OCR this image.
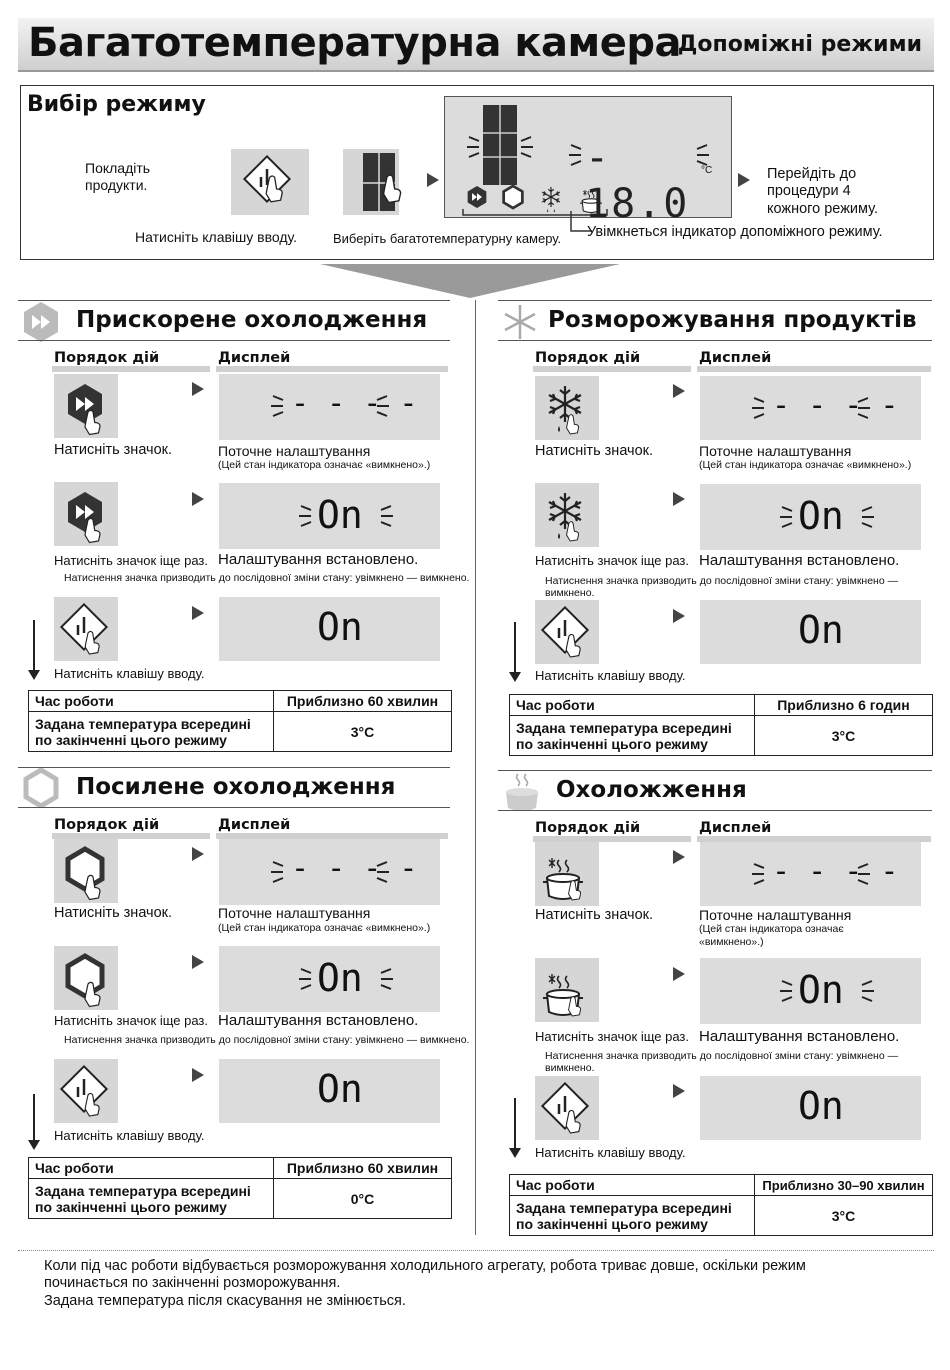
Багатотемпературна камера
Допоміжні режими
Вибір режиму
Покладіть
продукти.
Натисніть клавішу вводу.	Виберіть багатотемпературну камеру.
- 18.0
°C	Перейдіть до
процедури 4
кожного режиму.
Увімкнеться індикатор допоміжного режиму.
Прискорене охолодження
Порядок дій	Дисплей
- - - -
Натисніть значок.	Поточне налаштування
(Цей стан індикатора означає «вимкнено».)
On
Натисніть значок іще раз. Налаштування встановлено.
Натиснення значка призводить до послідовної зміни стану: увімкнено — вимкнено.
On
Натисніть клавішу вводу.
Час роботи	Приблизно 60 хвилин
Задана температура всередині
по закінченні цього режиму	3°C
Розморожування продуктів
Порядок дій	Дисплей
- - - -
Натисніть значок.	Поточне налаштування
(Цей стан індикатора означає «вимкнено».)
On
Натисніть значок іще раз. Налаштування встановлено.
Натиснення значка призводить до послідовної зміни стану: увімкнено — вимкнено.
On
Натисніть клавішу вводу.
Час роботи	Приблизно 6 годин
Задана температура всередині
по закінченні цього режиму	3°C
Посилене охолодження
Порядок дій	Дисплей
- - - -
Натисніть значок.	Поточне налаштування
(Цей стан індикатора означає «вимкнено».)
On
Натисніть значок іще раз. Налаштування встановлено.
Натиснення значка призводить до послідовної зміни стану: увімкнено — вимкнено.
On
Натисніть клавішу вводу.
Час роботи	Приблизно 60 хвилин
Задана температура всередині
по закінченні цього режиму	0°C
Охоложження
Порядок дій	Дисплей
- - - -
Натисніть значок.	Поточне налаштування
(Цей стан індикатора означає
«вимкнено».)
On
Натисніть значок іще раз. Налаштування встановлено.
Натиснення значка призводить до послідовної зміни стану: увімкнено — вимкнено.
On
Натисніть клавішу вводу.
Час роботи	Приблизно 30–90 хвилин
Задана температура всередині
по закінченні цього режиму	3°C
Коли під час роботи відбувається розморожування холодильного агрегату, робота триває довше, оскільки режим
починається по закінченні розморожування.
Задана температура після скасування не змінюється.
